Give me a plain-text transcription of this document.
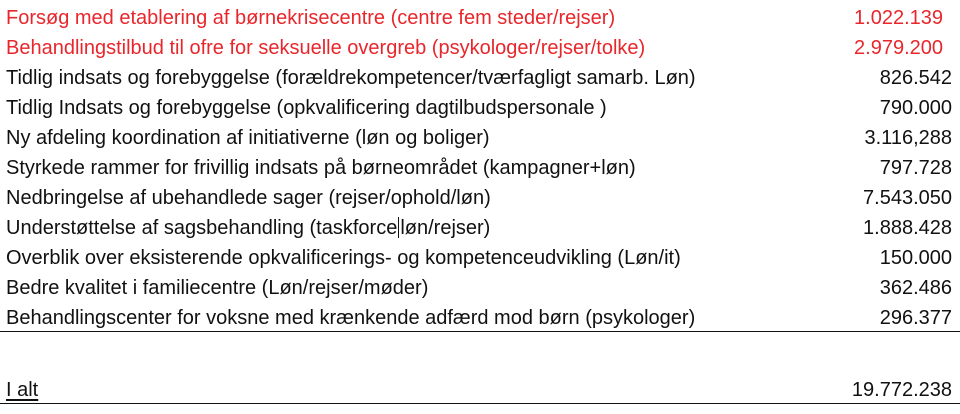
Forsøg med etablering af børnekrisecentre (centre fem steder/rejser)	1.022.139
Behandlingstilbud til ofre for seksuelle overgreb (psykologer/rejser/tolke)	2.979.200
Tidlig indsats og forebyggelse (forældrekompetencer/tværfagligt samarb. Løn)	826.542
Tidlig Indsats og forebyggelse (opkvalificering dagtilbudspersonale )	790.000
Ny afdeling koordination af initiativerne (løn og boliger)	3.116,288
Styrkede rammer for frivillig indsats på børneområdet (kampagner+løn)	797.728
Nedbringelse af ubehandlede sager (rejser/ophold/løn)	7.543.050
Understøttelse af sagsbehandling (taskforce løn/rejser)	1.888.428
Overblik over eksisterende opkvalificerings- og kompetenceudvikling (Løn/it)	150.000
Bedre kvalitet i familiecentre (Løn/rejser/møder)	362.486
Behandlingscenter for voksne med krænkende adfærd mod børn (psykologer)	296.377
I alt	19.772.238
